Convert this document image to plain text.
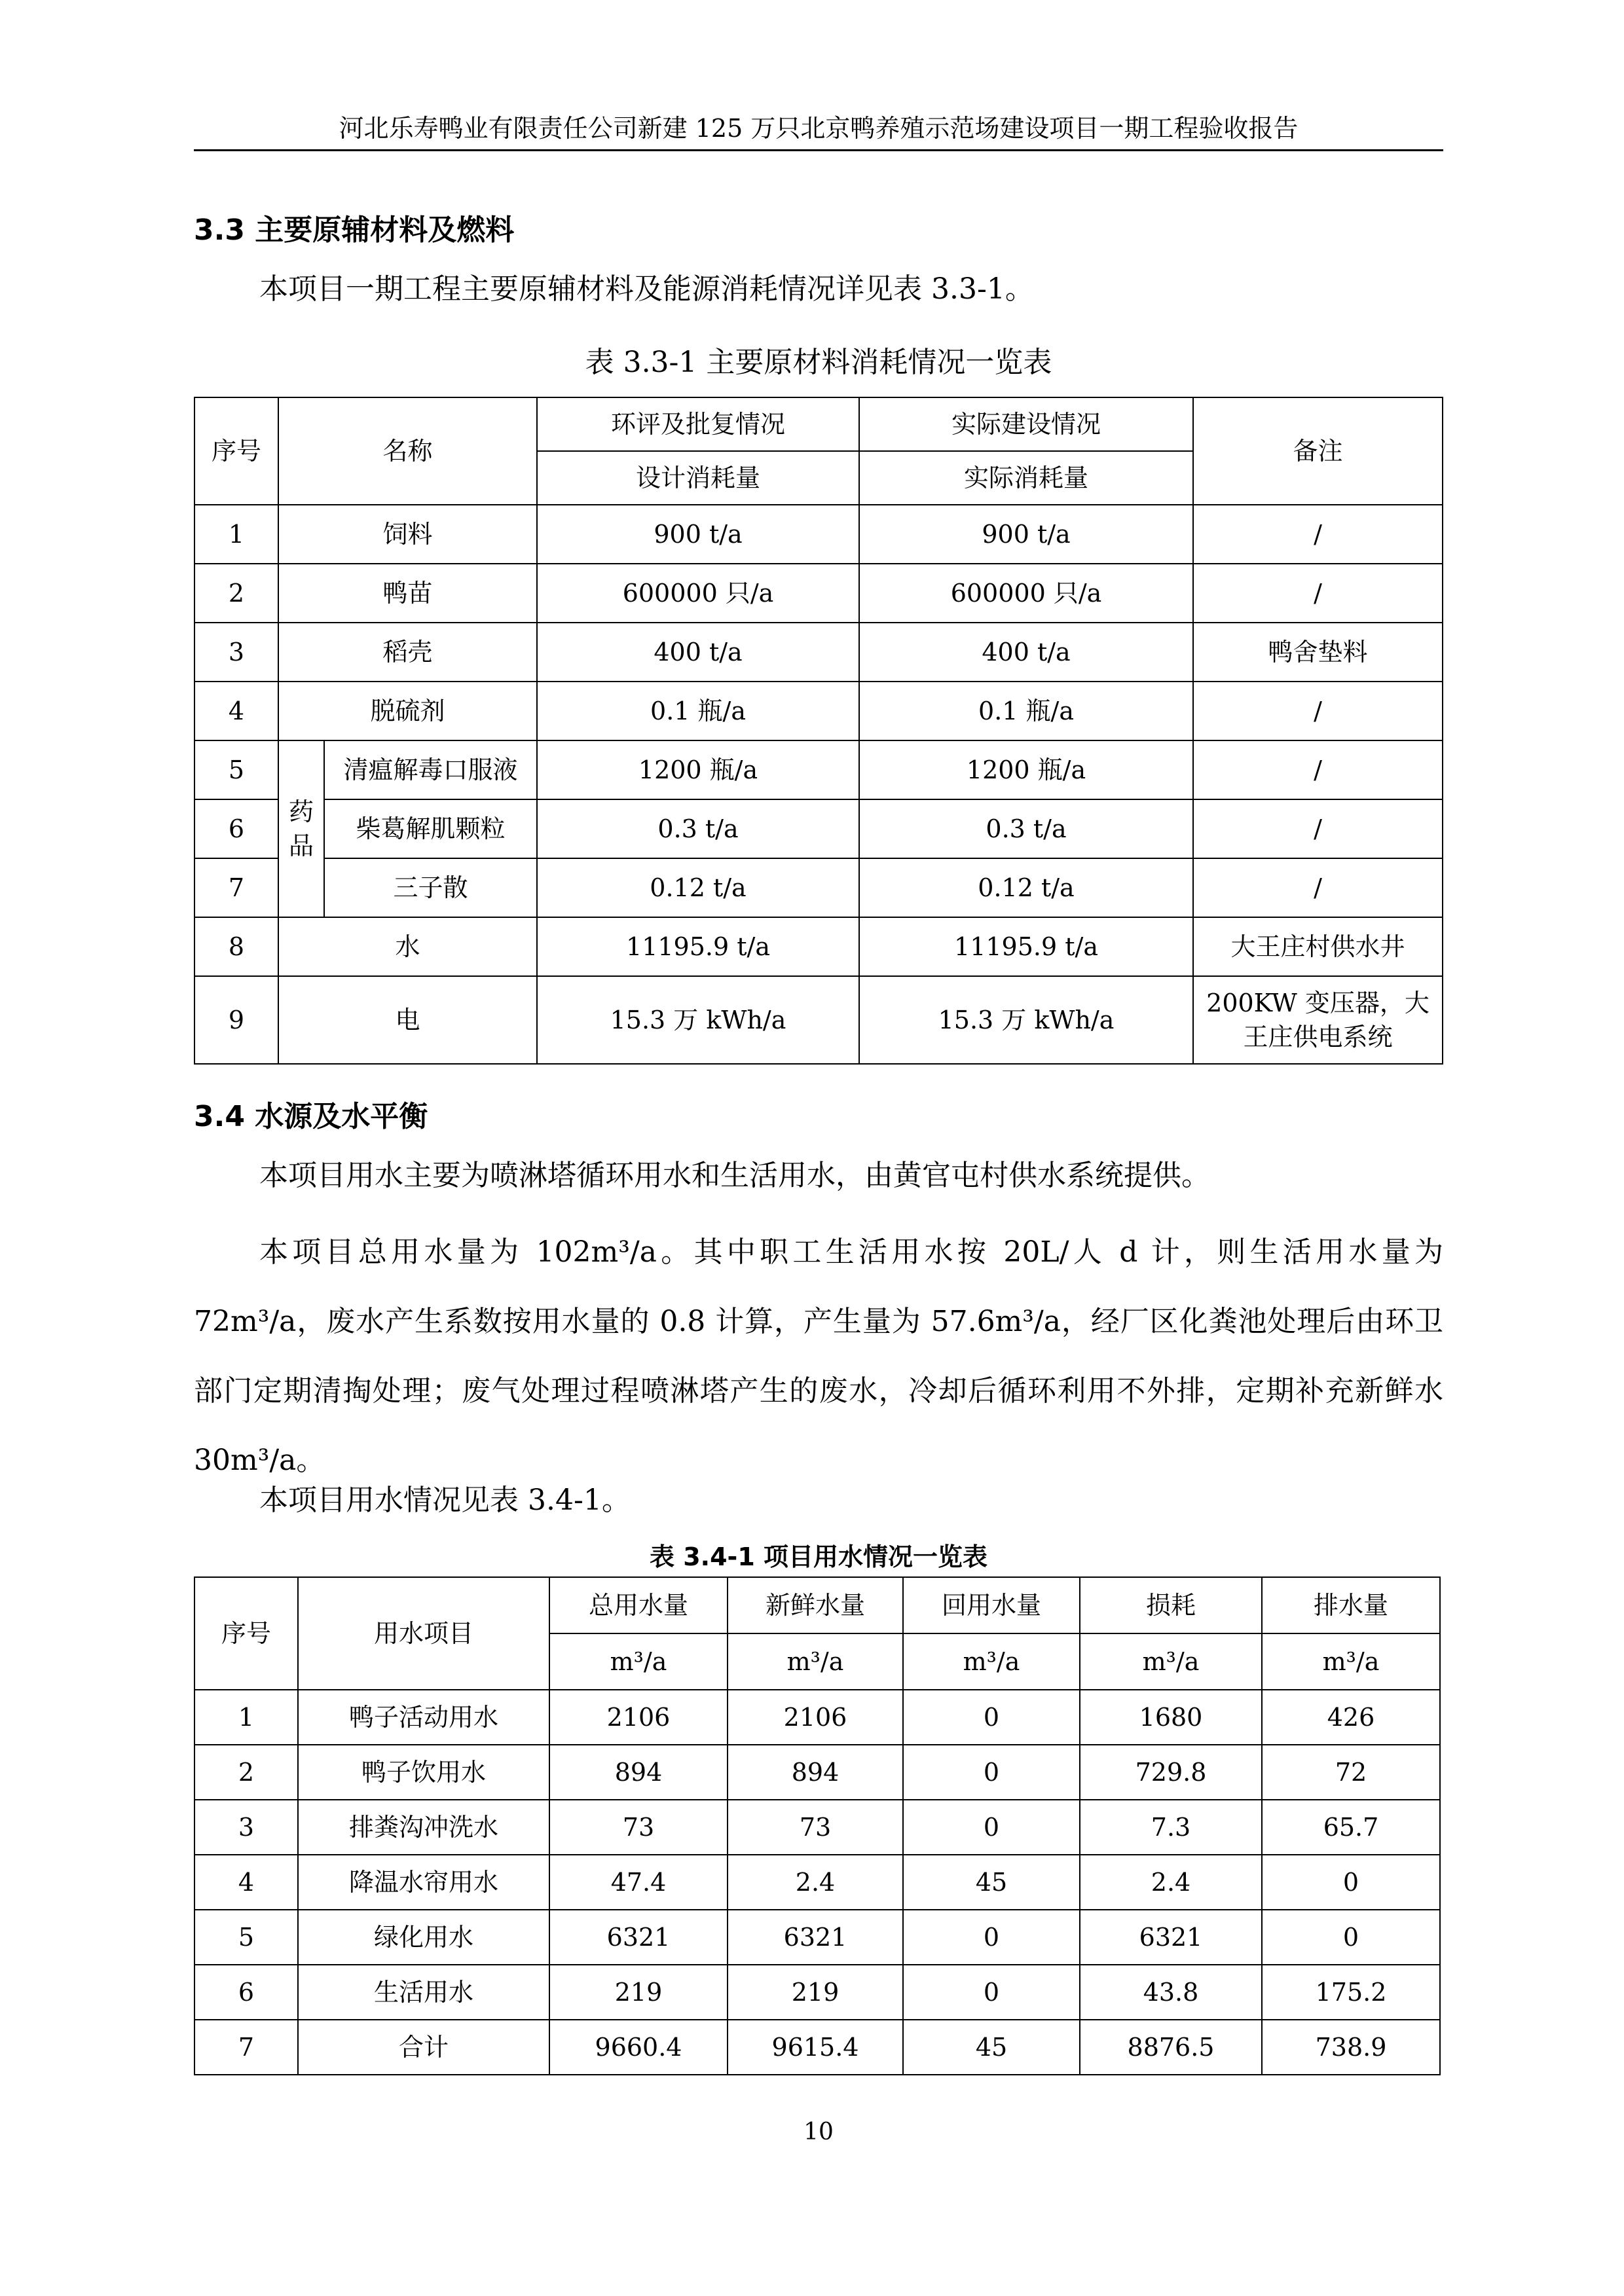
河北乐寿鸭业有限责任公司新建 125 万只北京鸭养殖示范场建设项目一期工程验收报告
3.3 主要原辅材料及燃料
本项目一期工程主要原辅材料及能源消耗情况详见表 3.3-1。
表 3.3-1 主要原材料消耗情况一览表
序号	名称		环评及批复情况	实际建设情况	备注
			设计消耗量	实际消耗量	
1	饲料		900 t/a	900 t/a	/
2	鸭苗		600000 只/a	600000 只/a	/
3	稻壳		400 t/a	400 t/a	鸭舍垫料
4	脱硫剂		0.1 瓶/a	0.1 瓶/a	/
5	药品	清瘟解毒口服液	1200 瓶/a	1200 瓶/a	/
6		柴葛解肌颗粒	0.3 t/a	0.3 t/a	/
7		三子散	0.12 t/a	0.12 t/a	/
8	水		11195.9 t/a	11195.9 t/a	大王庄村供水井
9	电		15.3 万 kWh/a	15.3 万 kWh/a	200KW 变压器，大王庄供电系统
3.4 水源及水平衡
本项目用水主要为喷淋塔循环用水和生活用水，由黄官屯村供水系统提供。
本项目总用水量为 102m³/a。其中职工生活用水按 20L/人 d 计，则生活用水量为 72m³/a，废水产生系数按用水量的 0.8 计算，产生量为 57.6m³/a，经厂区化粪池处理后由环卫部门定期清掏处理；废气处理过程喷淋塔产生的废水，冷却后循环利用不外排，定期补充新鲜水 30m³/a。
本项目用水情况见表 3.4-1。
表 3.4-1 项目用水情况一览表
序号	用水项目	总用水量	新鲜水量	回用水量	损耗	排水量
		m³/a	m³/a	m³/a	m³/a	m³/a
1	鸭子活动用水	2106	2106	0	1680	426
2	鸭子饮用水	894	894	0	729.8	72
3	排粪沟冲洗水	73	73	0	7.3	65.7
4	降温水帘用水	47.4	2.4	45	2.4	0
5	绿化用水	6321	6321	0	6321	0
6	生活用水	219	219	0	43.8	175.2
7	合计	9660.4	9615.4	45	8876.5	738.9
10
